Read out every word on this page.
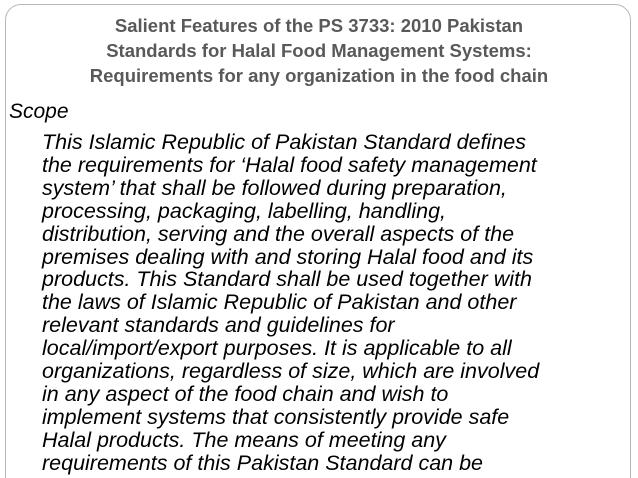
Salient Features of the PS 3733: 2010 Pakistan
Standards for Halal Food Management Systems:
Requirements for any organization in the food chain
Scope
This Islamic Republic of Pakistan Standard defines
the requirements for ‘Halal food safety management
system’ that shall be followed during preparation,
processing, packaging, labelling, handling,
distribution, serving and the overall aspects of the
premises dealing with and storing Halal food and its
products. This Standard shall be used together with
the laws of Islamic Republic of Pakistan and other
relevant standards and guidelines for
local/import/export purposes. It is applicable to all
organizations, regardless of size, which are involved
in any aspect of the food chain and wish to
implement systems that consistently provide safe
Halal products. The means of meeting any
requirements of this Pakistan Standard can be
